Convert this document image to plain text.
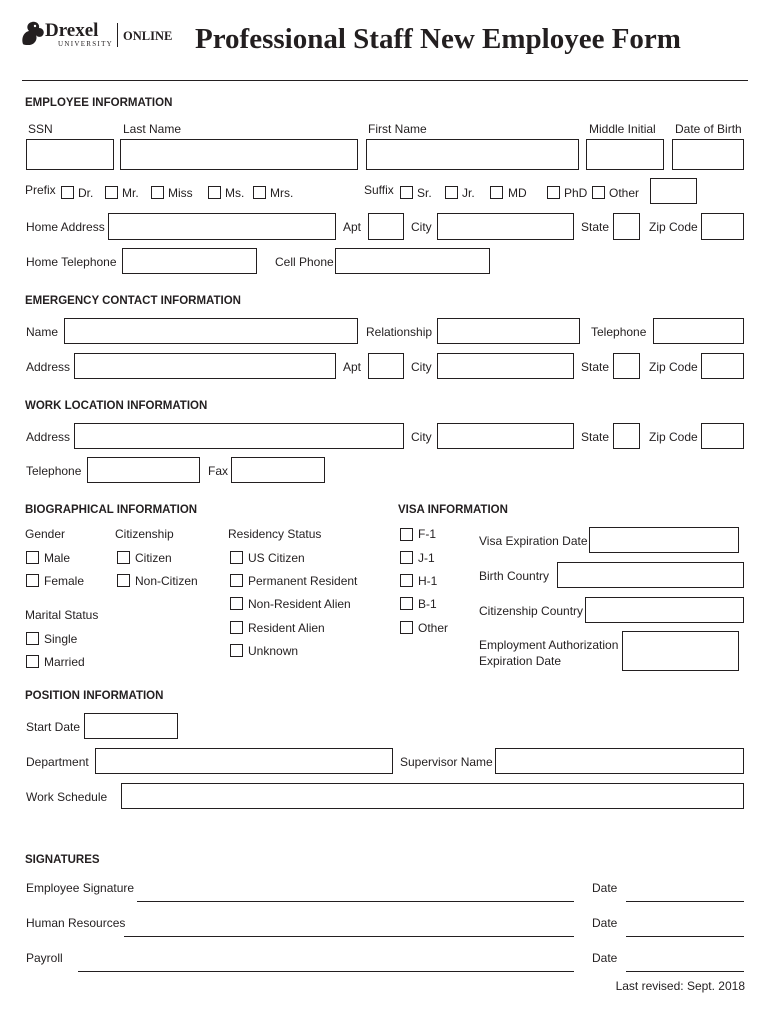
Drexel
UNIVERSITY
ONLINE Professional Staff New Employee Form
EMPLOYEE INFORMATION
SSN	Last Name	First Name	Middle Initial Date of Birth
Prefix Dr. Mr. Miss	Ms. Mrs.	Suffix Sr.	Jr.	MD	PhD Other
Home Address	Apt	City	State	Zip Code
Home Telephone	Cell Phone
EMERGENCY CONTACT INFORMATION
Name	Relationship	Telephone
Address	Apt	City	State	Zip Code
WORK LOCATION INFORMATION
Address	City	State	Zip Code
Telephone	Fax
BIOGRAPHICAL INFORMATION
Gender
Male
Female
Citizenship
Citizen
Non-Citizen
Residency Status
US Citizen
Permanent Resident
Non-Resident Alien
Resident Alien
Unknown
Marital Status
Single
Married
VISA INFORMATION
F-1
J-1
H-1
B-1
Other
Visa Expiration Date
Birth Country
Citizenship Country
Employment Authorization
Expiration Date
POSITION INFORMATION
Start Date
Department	Supervisor Name
Work Schedule
SIGNATURES
Employee Signature	Date
Human Resources	Date
Payroll	Date
Last revised: Sept. 2018
